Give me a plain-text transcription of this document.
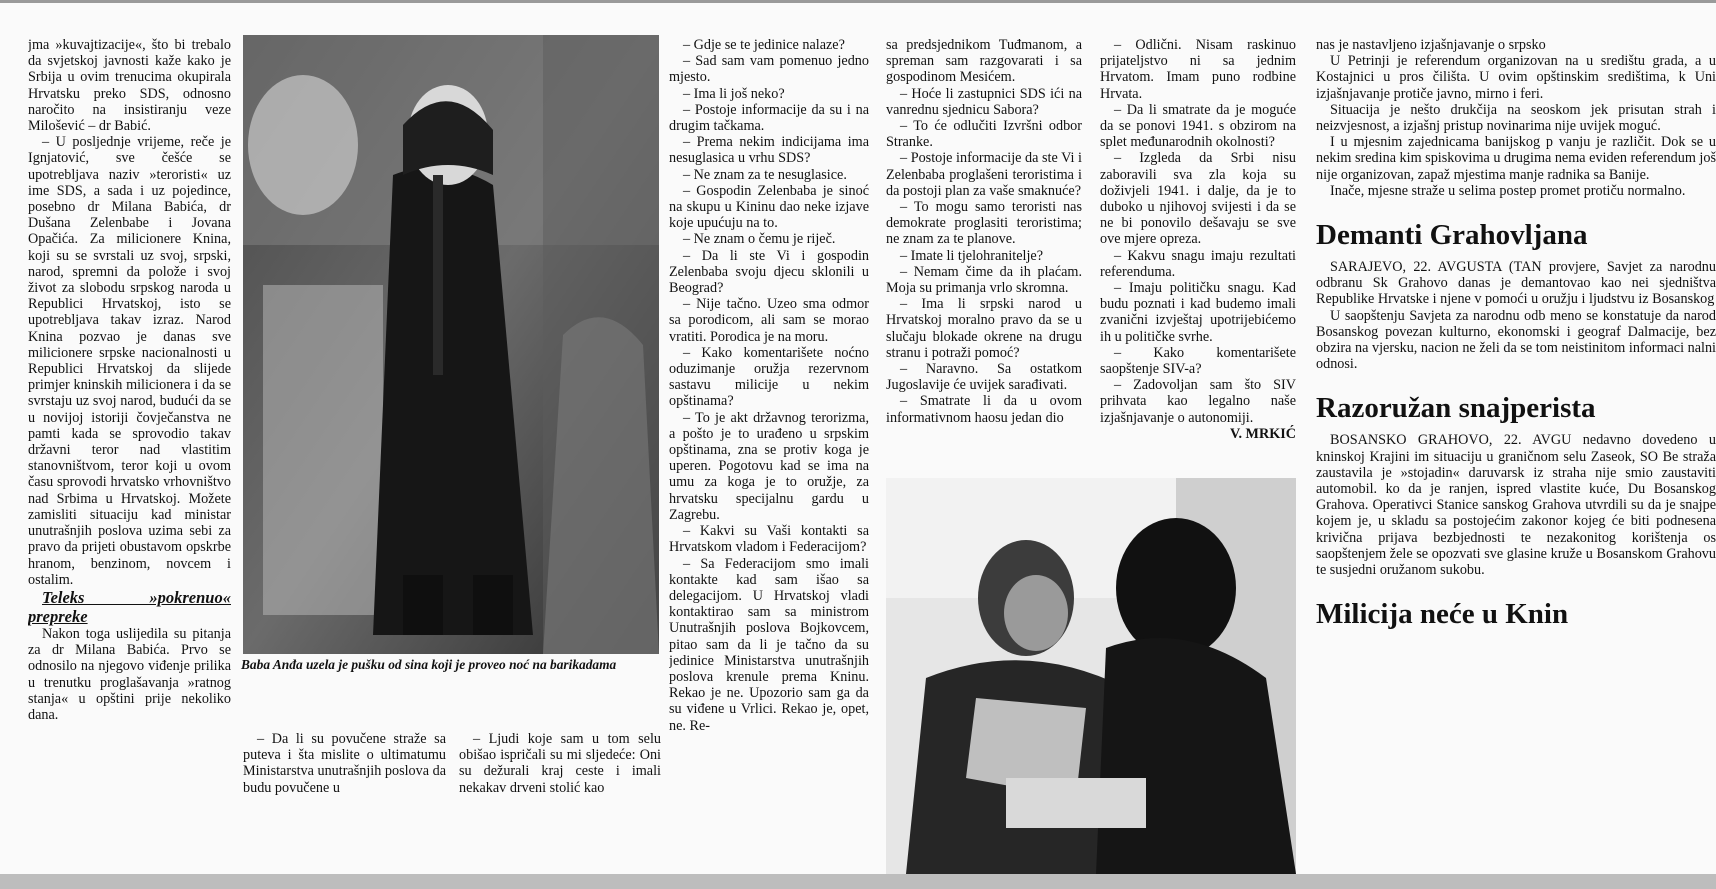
jma »kuvajtizacije«, što bi trebalo da svjetskoj javnosti kaže kako je Srbija u ovim trenucima okupirala Hrvatsku preko SDS, odnosno naročito na insistiranju veze Milošević – dr Babić.

– U posljednje vrijeme, reče je Ignjatović, sve češće se upotrebljava naziv »teroristi« uz ime SDS, a sada i uz pojedince, posebno dr Milana Babića, dr Dušana Zelenbabe i Jovana Opačića. Za milicionere Knina, koji su se svrstali uz svoj, srpski, narod, spremni da polože i svoj život za slobodu srpskog naroda u Republici Hrvatskoj, isto se upotrebljava takav izraz. Narod Knina pozvao je danas sve milicionere srpske nacionalnosti u Republici Hrvatskoj da slijede primjer kninskih milicionera i da se svrstaju uz svoj narod, budući da se u novijoj istoriji čovječanstva ne pamti kada se sprovodio takav državni teror nad vlastitim stanovništvom, teror koji u ovom času sprovodi hrvatsko vrhovništvo nad Srbima u Hrvatskoj. Možete zamisliti situaciju kad ministar unutrašnjih poslova uzima sebi za pravo da prijeti obustavom opskrbe hranom, benzinom, novcem i ostalim.

Teleks »pokrenuo« prepreke

Nakon toga uslijedila su pitanja za dr Milana Babića. Prvo se odnosilo na njegovo viđenje prilika u trenutku proglašavanja »ratnog stanja« u opštini prije nekoliko dana.

Baba Anđa uzela je pušku od sina koji je proveo noć na barikadama

– Da li su povučene straže sa puteva i šta mislite o ultimatumu Ministarstva unutrašnjih poslova da budu povučene u

– Ljudi koje sam u tom selu obišao ispričali su mi sljedeće: Oni su dežurali kraj ceste i imali nekakav drveni stolić kao

– Gdje se te jedinice nalaze?

– Sad sam vam pomenuo jedno mjesto.

– Ima li još neko?

– Postoje informacije da su i na drugim tačkama.

– Prema nekim indicijama ima nesuglasica u vrhu SDS?

– Ne znam za te nesuglasice.

– Gospodin Zelenbaba je sinoć na skupu u Kininu dao neke izjave koje upućuju na to.

– Ne znam o čemu je riječ.

– Da li ste Vi i gospodin Zelenbaba svoju djecu sklonili u Beograd?

– Nije tačno. Uzeo sma odmor sa porodicom, ali sam se morao vratiti. Porodica je na moru.

– Kako komentarišete noćno oduzimanje oružja rezervnom sastavu milicije u nekim opštinama?

– To je akt državnog terorizma, a pošto je to urađeno u srpskim opštinama, zna se protiv koga je uperen. Pogotovu kad se ima na umu za koga je to oružje, za hrvatsku specijalnu gardu u Zagrebu.

– Kakvi su Vaši kontakti sa Hrvatskom vladom i Federacijom?

– Sa Federacijom smo imali kontakte kad sam išao sa delegacijom. U Hrvatskoj vladi kontaktirao sam sa ministrom Unutrašnjih poslova Bojkovcem, pitao sam da li je tačno da su jedinice Ministarstva unutrašnjih poslova krenule prema Kninu. Rekao je ne. Upozorio sam ga da su viđene u Vrlici. Rekao je, opet, ne. Re-

sa predsjednikom Tuđmanom, a spreman sam razgovarati i sa gospodinom Mesićem.

– Hoće li zastupnici SDS ići na vanrednu sjednicu Sabora?

– To će odlučiti Izvršni odbor Stranke.

– Postoje informacije da ste Vi i Zelenbaba proglašeni teroristima i da postoji plan za vaše smaknuće?

– To mogu samo teroristi nas demokrate proglasiti teroristima; ne znam za te planove.

– Imate li tjelohranitelje?

– Nemam čime da ih plaćam. Moja su primanja vrlo skromna.

– Ima li srpski narod u Hrvatskoj moralno pravo da se u slučaju blokade okrene na drugu stranu i potraži pomoć?

– Naravno. Sa ostatkom Jugoslavije će uvijek sarađivati.

– Smatrate li da u ovom informativnom haosu jedan dio

– Odlični. Nisam raskinuo prijateljstvo ni sa jednim Hrvatom. Imam puno rodbine Hrvata.

– Da li smatrate da je moguće da se ponovi 1941. s obzirom na splet međunarodnih okolnosti?

– Izgleda da Srbi nisu zaboravili sva zla koja su doživjeli 1941. i dalje, da je to duboko u njihovoj svijesti i da se ne bi ponovilo dešavaju se sve ove mjere opreza.

– Kakvu snagu imaju rezultati referenduma.

– Imaju političku snagu. Kad budu poznati i kad budemo imali zvanični izvještaj upotrijebićemo ih u političke svrhe.

– Kako komentarišete saopštenje SIV-a?

– Zadovoljan sam što SIV prihvata kao legalno naše izjašnjavanje o autonomiji.

V. MRKIĆ

nas je nastavljeno izjašnjavanje o srpsko

U Petrinji je referendum organizovan na u središtu grada, a u Kostajnici u pros čilišta. U ovim opštinskim središtima, k Uni izjašnjavanje protiče javno, mirno i feri.

Situacija je nešto drukčija na seoskom jek prisutan strah i neizvjesnost, a izjašnj pristup novinarima nije uvijek moguć.

I u mjesnim zajednicama banijskog p vanju je različit. Dok se u nekim sredina kim spiskovima u drugima nema eviden referendum još nije organizovan, zapaž mjestima manje radnika sa Banije.

Inače, mjesne straže u selima postep promet protiču normalno.

Demanti Grahovljana

SARAJEVO, 22. AVGUSTA (TAN provjere, Savjet za narodnu odbranu Sk Grahovo danas je demantovao kao nei sjedništva Republike Hrvatske i njene v pomoći u oružju i ljudstvu iz Bosanskog

U saopštenju Savjeta za narodnu odb meno se konstatuje da narod Bosanskog povezan kulturno, ekonomski i geograf Dalmacije, bez obzira na vjersku, nacion ne želi da se tom neistinitom informaci nalni odnosi.

Razoružan snajperista

BOSANSKO GRAHOVO, 22. AVGU nedavno dovedeno u kninskoj Krajini im situaciju u graničnom selu Zaseok, SO Be straža zaustavila je »stojadin« daruvarsk iz straha nije smio zaustaviti automobil. ko da je ranjen, ispred vlastite kuće, Du Bosanskog Grahova. Operativci Stanice sanskog Grahova utvrdili su da je snajpe kojem je, u skladu sa postojećim zakonor kojeg će biti podnesena krivična prijava bezbjednosti te nezakonitog korištenja os saopštenjem žele se opozvati sve glasine kruže u Bosanskom Grahovu te susjedni oružanom sukobu.

Milicija neće u Knin
